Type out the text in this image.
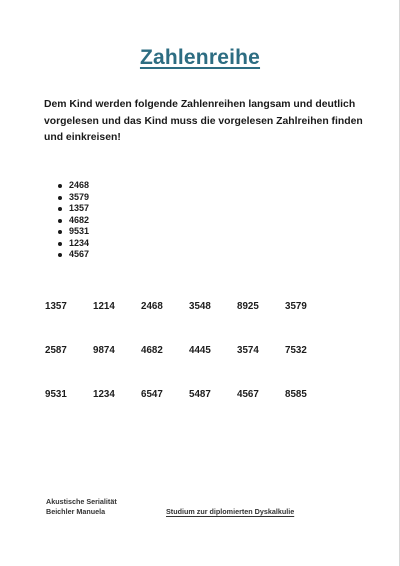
Zahlenreihe

Dem Kind werden folgende Zahlenreihen langsam und deutlich vorgelesen und das Kind muss die vorgelesen Zahlreihen finden und einkreisen!

2468
3579
1357
4682
9531
1234
4567
1357	1214	2468	3548	8925	3579
2587	9874	4682	4445	3574	7532
9531	1234	6547	5487	4567	8585
Akustische Serialität
Beichler Manuela	Studium zur diplomierten Dyskalkulie
